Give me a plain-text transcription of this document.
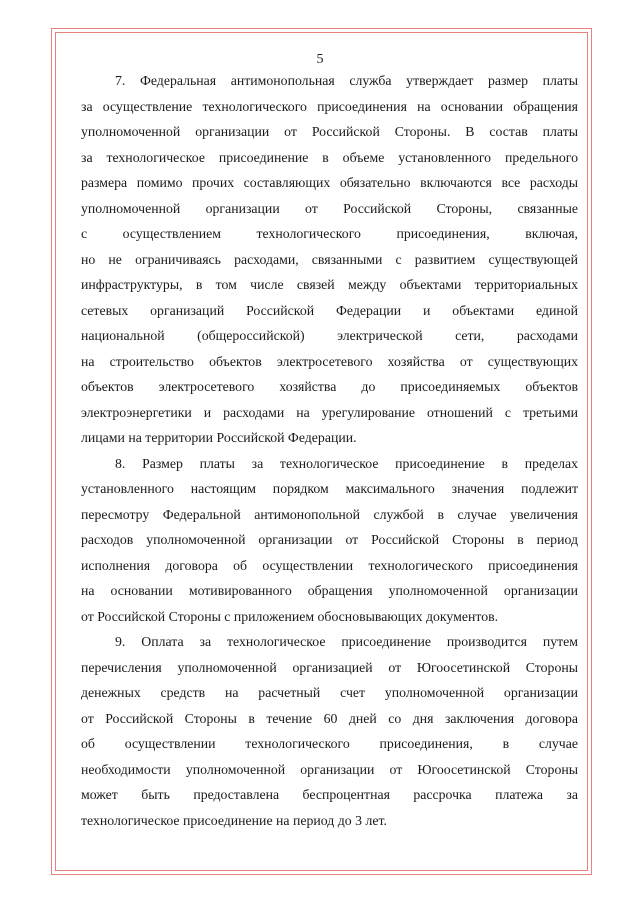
5
7. Федеральная антимонопольная служба утверждает размер платы
за осуществление технологического присоединения на основании обращения
уполномоченной организации от Российской Стороны. В состав платы
за технологическое присоединение в объеме установленного предельного
размера помимо прочих составляющих обязательно включаются все расходы
уполномоченной организации от Российской Стороны, связанные
с осуществлением технологического присоединения, включая,
но не ограничиваясь расходами, связанными с развитием существующей
инфраструктуры, в том числе связей между объектами территориальных
сетевых организаций Российской Федерации и объектами единой
национальной (общероссийской) электрической сети, расходами
на строительство объектов электросетевого хозяйства от существующих
объектов электросетевого хозяйства до присоединяемых объектов
электроэнергетики и расходами на урегулирование отношений с третьими
лицами на территории Российской Федерации.
8. Размер платы за технологическое присоединение в пределах
установленного настоящим порядком максимального значения подлежит
пересмотру Федеральной антимонопольной службой в случае увеличения
расходов уполномоченной организации от Российской Стороны в период
исполнения договора об осуществлении технологического присоединения
на основании мотивированного обращения уполномоченной организации
от Российской Стороны с приложением обосновывающих документов.
9. Оплата за технологическое присоединение производится путем
перечисления уполномоченной организацией от Югоосетинской Стороны
денежных средств на расчетный счет уполномоченной организации
от Российской Стороны в течение 60 дней со дня заключения договора
об осуществлении технологического присоединения, в случае
необходимости уполномоченной организации от Югоосетинской Стороны
может быть предоставлена беспроцентная рассрочка платежа за
технологическое присоединение на период до 3 лет.
